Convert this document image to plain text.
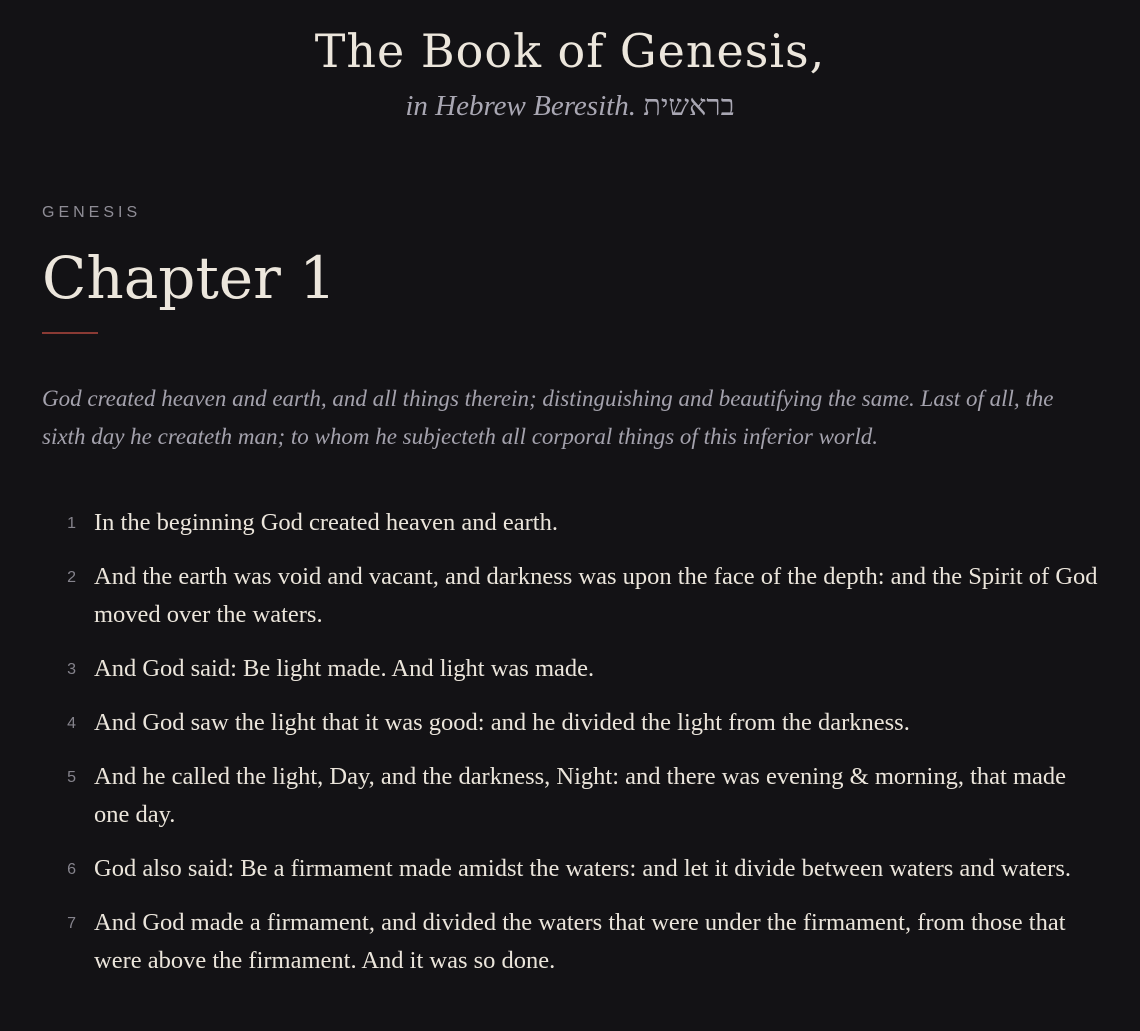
The Book of Genesis,
in Hebrew Beresith. בראשית
GENESIS
Chapter 1

God created heaven and earth, and all things therein; distinguishing and beautifying the same. Last of all, the sixth day he createth man; to whom he subjecteth all corporal things of this inferior world.

1 In the beginning God created heaven and earth.
2 And the earth was void and vacant, and darkness was upon the face of the depth: and the Spirit of God moved over the waters.
3 And God said: Be light made. And light was made.
4 And God saw the light that it was good: and he divided the light from the darkness.
5 And he called the light, Day, and the darkness, Night: and there was evening & morning, that made one day.
6 God also said: Be a firmament made amidst the waters: and let it divide between waters and waters.
7 And God made a firmament, and divided the waters that were under the firmament, from those that were above the firmament. And it was so done.
